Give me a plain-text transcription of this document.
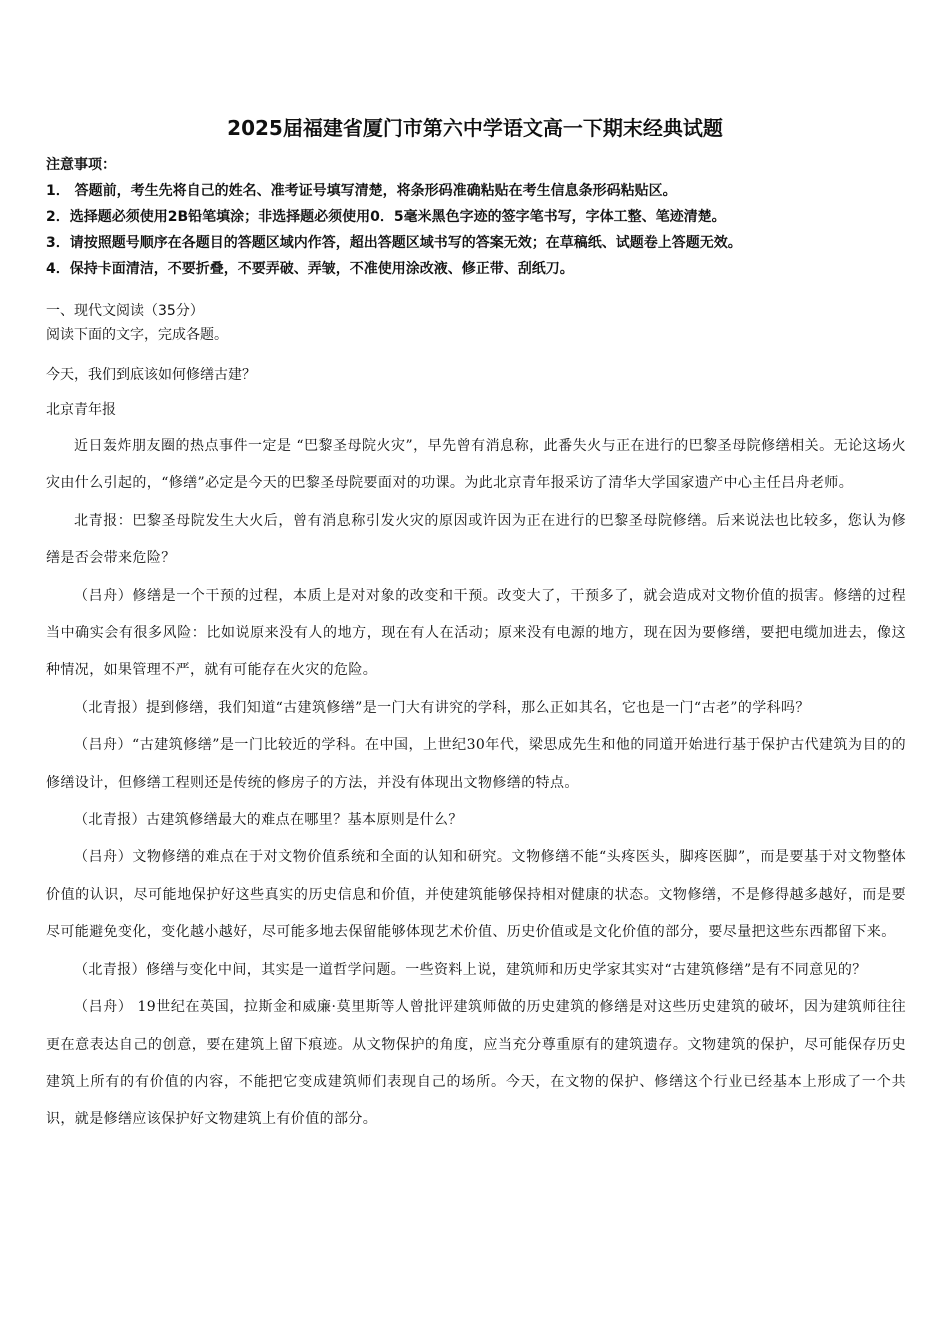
2025届福建省厦门市第六中学语文高一下期末经典试题
注意事项：
1． 答题前，考生先将自己的姓名、准考证号填写清楚，将条形码准确粘贴在考生信息条形码粘贴区。
2．选择题必须使用2B铅笔填涂；非选择题必须使用0．5毫米黑色字迹的签字笔书写，字体工整、笔迹清楚。
3．请按照题号顺序在各题目的答题区域内作答，超出答题区域书写的答案无效；在草稿纸、试题卷上答题无效。
4．保持卡面清洁，不要折叠，不要弄破、弄皱，不准使用涂改液、修正带、刮纸刀。
一、现代文阅读（35分）
阅读下面的文字，完成各题。
今天，我们到底该如何修缮古建？
北京青年报

近日轰炸朋友圈的热点事件一定是 “巴黎圣母院火灾”，早先曾有消息称，此番失火与正在进行的巴黎圣母院修缮相关。无论这场火灾由什么引起的，“修缮”必定是今天的巴黎圣母院要面对的功课。为此北京青年报采访了清华大学国家遗产中心主任吕舟老师。

北青报：巴黎圣母院发生大火后，曾有消息称引发火灾的原因或许因为正在进行的巴黎圣母院修缮。后来说法也比较多，您认为修缮是否会带来危险？

（吕舟）修缮是一个干预的过程，本质上是对对象的改变和干预。改变大了，干预多了，就会造成对文物价值的损害。修缮的过程当中确实会有很多风险：比如说原来没有人的地方，现在有人在活动；原来没有电源的地方，现在因为要修缮，要把电缆加进去，像这种情况，如果管理不严，就有可能存在火灾的危险。

（北青报）提到修缮，我们知道“古建筑修缮”是一门大有讲究的学科，那么正如其名，它也是一门“古老”的学科吗？

（吕舟）“古建筑修缮”是一门比较近的学科。在中国，上世纪30年代，梁思成先生和他的同道开始进行基于保护古代建筑为目的的修缮设计，但修缮工程则还是传统的修房子的方法，并没有体现出文物修缮的特点。

（北青报）古建筑修缮最大的难点在哪里？基本原则是什么？

（吕舟）文物修缮的难点在于对文物价值系统和全面的认知和研究。文物修缮不能“头疼医头，脚疼医脚”，而是要基于对文物整体价值的认识，尽可能地保护好这些真实的历史信息和价值，并使建筑能够保持相对健康的状态。文物修缮，不是修得越多越好，而是要尽可能避免变化，变化越小越好，尽可能多地去保留能够体现艺术价值、历史价值或是文化价值的部分，要尽量把这些东西都留下来。

（北青报）修缮与变化中间，其实是一道哲学问题。一些资料上说，建筑师和历史学家其实对“古建筑修缮”是有不同意见的？

（吕舟） 19世纪在英国，拉斯金和威廉·莫里斯等人曾批评建筑师做的历史建筑的修缮是对这些历史建筑的破坏，因为建筑师往往更在意表达自己的创意，要在建筑上留下痕迹。从文物保护的角度，应当充分尊重原有的建筑遗存。文物建筑的保护，尽可能保存历史建筑上所有的有价值的内容，不能把它变成建筑师们表现自己的场所。今天，在文物的保护、修缮这个行业已经基本上形成了一个共识，就是修缮应该保护好文物建筑上有价值的部分。
